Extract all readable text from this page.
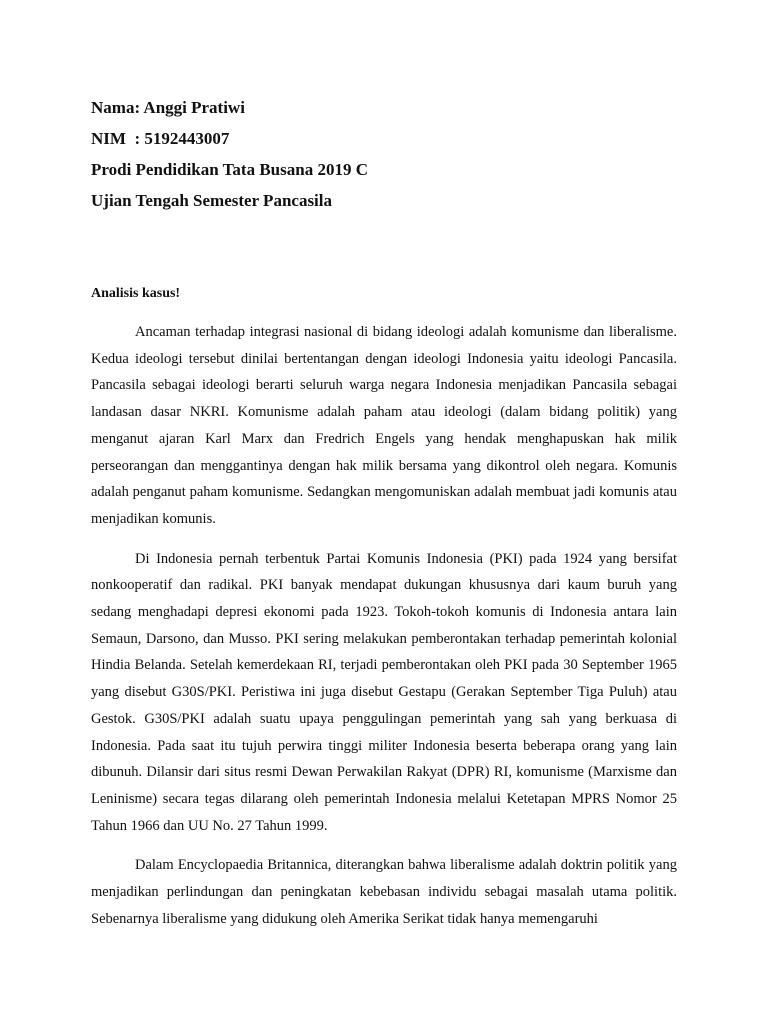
Nama: Anggi Pratiwi
NIM  : 5192443007
Prodi Pendidikan Tata Busana 2019 C
Ujian Tengah Semester Pancasila
Analisis kasus!

Ancaman terhadap integrasi nasional di bidang ideologi adalah komunisme dan liberalisme. Kedua ideologi tersebut dinilai bertentangan dengan ideologi Indonesia yaitu ideologi Pancasila. Pancasila sebagai ideologi berarti seluruh warga negara Indonesia menjadikan Pancasila sebagai landasan dasar NKRI. Komunisme adalah paham atau ideologi (dalam bidang politik) yang menganut ajaran Karl Marx dan Fredrich Engels yang hendak menghapuskan hak milik perseorangan dan menggantinya dengan hak milik bersama yang dikontrol oleh negara. Komunis adalah penganut paham komunisme. Sedangkan mengomuniskan adalah membuat jadi komunis atau menjadikan komunis.

Di Indonesia pernah terbentuk Partai Komunis Indonesia (PKI) pada 1924 yang bersifat nonkooperatif dan radikal. PKI banyak mendapat dukungan khususnya dari kaum buruh yang sedang menghadapi depresi ekonomi pada 1923. Tokoh-tokoh komunis di Indonesia antara lain Semaun, Darsono, dan Musso. PKI sering melakukan pemberontakan terhadap pemerintah kolonial Hindia Belanda. Setelah kemerdekaan RI, terjadi pemberontakan oleh PKI pada 30 September 1965 yang disebut G30S/PKI. Peristiwa ini juga disebut Gestapu (Gerakan September Tiga Puluh) atau Gestok. G30S/PKI adalah suatu upaya penggulingan pemerintah yang sah yang berkuasa di Indonesia. Pada saat itu tujuh perwira tinggi militer Indonesia beserta beberapa orang yang lain dibunuh. Dilansir dari situs resmi Dewan Perwakilan Rakyat (DPR) RI, komunisme (Marxisme dan Leninisme) secara tegas dilarang oleh pemerintah Indonesia melalui Ketetapan MPRS Nomor 25 Tahun 1966 dan UU No. 27 Tahun 1999.

Dalam Encyclopaedia Britannica, diterangkan bahwa liberalisme adalah doktrin politik yang menjadikan perlindungan dan peningkatan kebebasan individu sebagai masalah utama politik. Sebenarnya liberalisme yang didukung oleh Amerika Serikat tidak hanya memengaruhi
